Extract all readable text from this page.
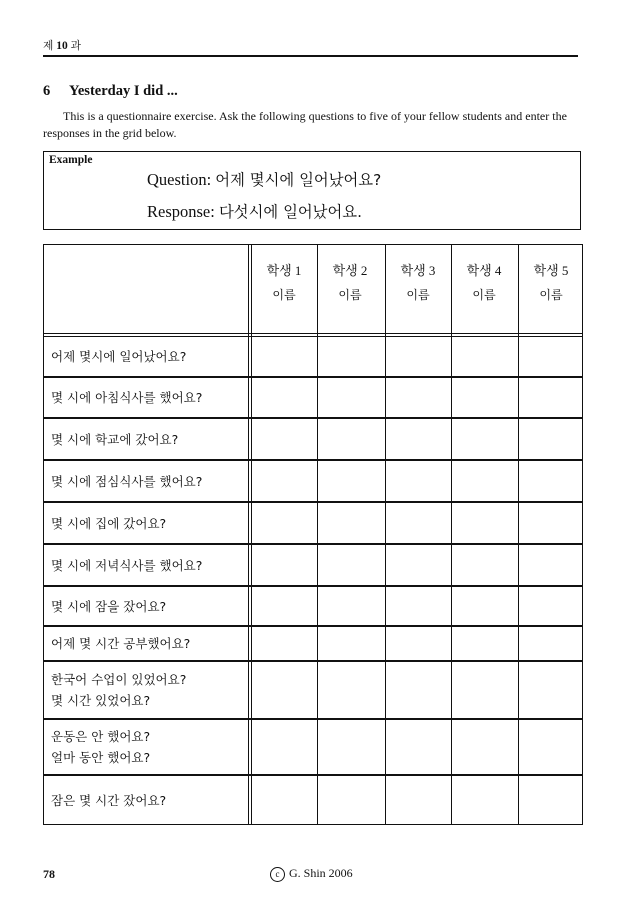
제 10 과
6 Yesterday I did ...
This is a questionnaire exercise. Ask the following questions to five of your fellow students and enter the responses in the grid below.
Example
Question: 어제 몇시에 일어났어요?
Response: 다섯시에 일어났어요.
학생 1
이름
학생 2
이름
학생 3
이름
학생 4
이름
학생 5
이름
어제 몇시에 일어났어요?
몇 시에 아침식사를 했어요?
몇 시에 학교에 갔어요?
몇 시에 점심식사를 했어요?
몇 시에 집에 갔어요?
몇 시에 저녁식사를 했어요?
몇 시에 잠을 잤어요?
어제 몇 시간 공부했어요?
한국어 수업이 있었어요?
몇 시간 있었어요?
운동은 안 했어요?
얼마 동안 했어요?
잠은 몇 시간 잤어요?
78	c G. Shin 2006
